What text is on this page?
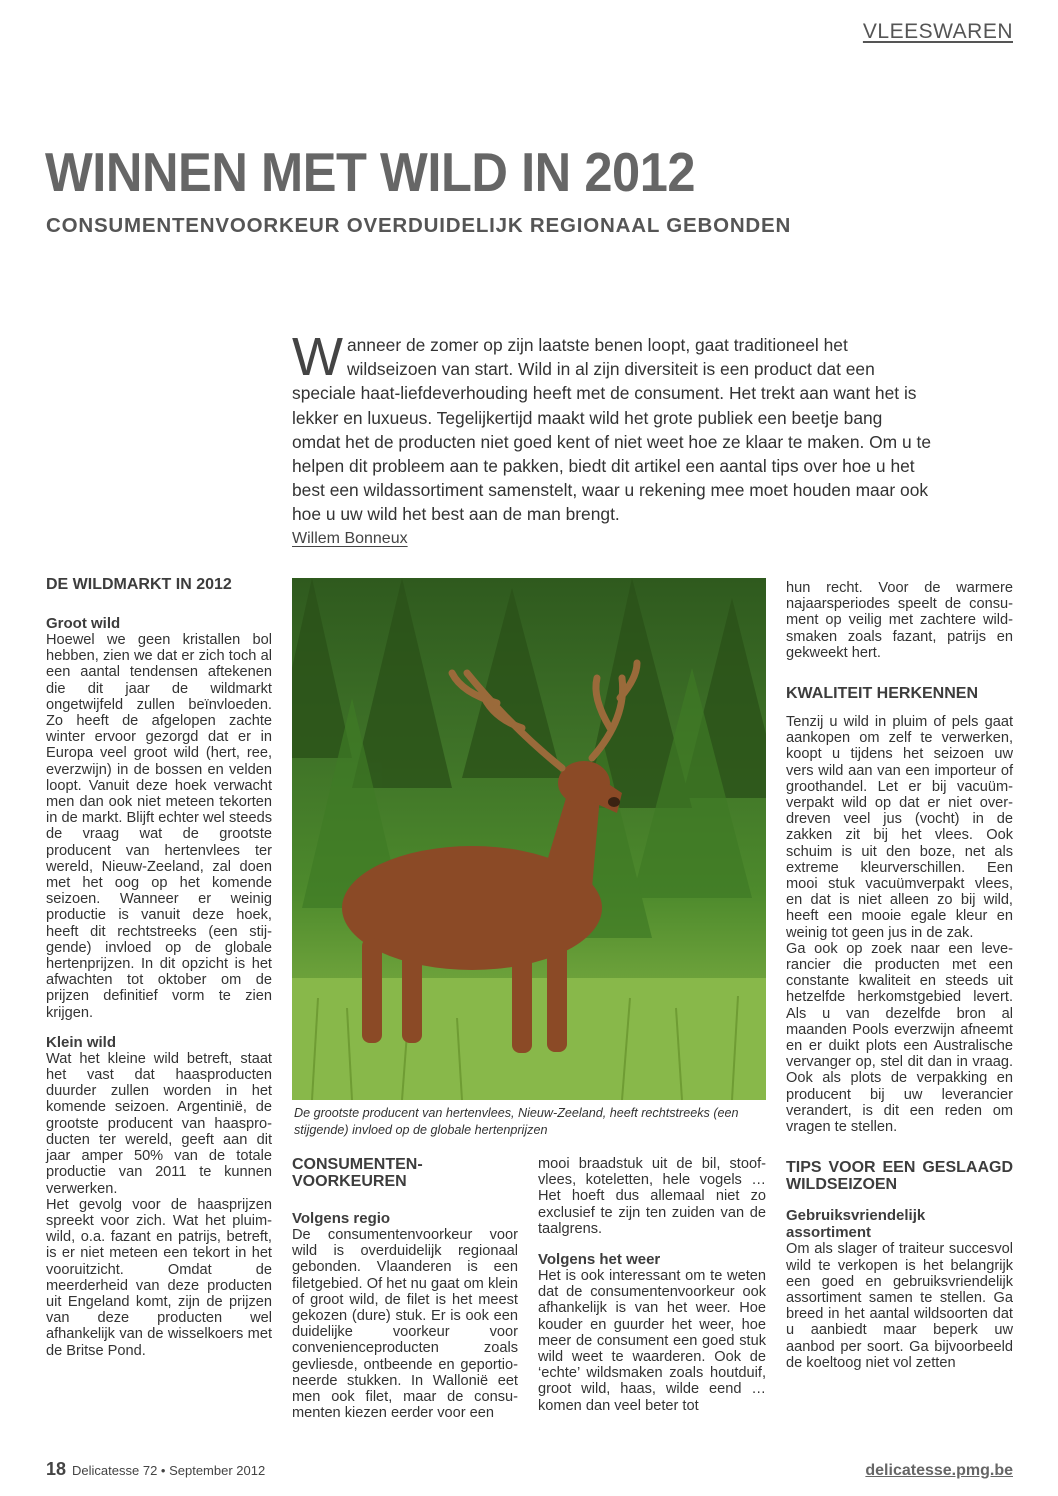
VLEESWAREN
WINNEN MET WILD IN 2012
CONSUMENTENVOORKEUR OVERDUIDELIJK REGIONAAL GEBONDEN

Wanneer de zomer op zijn laatste benen loopt, gaat traditioneel het wildseizoen van start. Wild in al zijn diversiteit is een product dat een speciale haat-liefdeverhouding heeft met de consument. Het trekt aan want het is lekker en luxueus. Tegelijkertijd maakt wild het grote publiek een beetje bang omdat het de producten niet goed kent of niet weet hoe ze klaar te maken. Om u te helpen dit probleem aan te pakken, biedt dit artikel een aantal tips over hoe u het best een wildassortiment samenstelt, waar u rekening mee moet houden maar ook hoe u uw wild het best aan de man brengt.

Willem Bonneux
DE WILDMARKT IN 2012
Groot wild

Hoewel we geen kristallen bol hebben, zien we dat er zich toch al een aantal tendensen aftekenen die dit jaar de wildmarkt ongetwijfeld zullen beïnvloeden. Zo heeft de afgelopen zachte winter ervoor gezorgd dat er in Europa veel groot wild (hert, ree, everzwijn) in de bossen en velden loopt. Vanuit deze hoek verwacht men dan ook niet meteen tekorten in de markt. Blijft echter wel steeds de vraag wat de grootste producent van hertenvlees ter wereld, Nieuw-Zeeland, zal doen met het oog op het komende seizoen. Wanneer er weinig productie is vanuit deze hoek, heeft dit rechtstreeks (een stijgende) invloed op de globale hertenprijzen. In dit opzicht is het afwachten tot oktober om de prijzen definitief vorm te zien krijgen.

Klein wild

Wat het kleine wild betreft, staat het vast dat haasproducten duurder zullen worden in het komende seizoen. Argentinië, de grootste producent van haasproducten ter wereld, geeft aan dit jaar amper 50% van de totale productie van 2011 te kunnen verwerken.

Het gevolg voor de haasprijzen spreekt voor zich. Wat het pluimwild, o.a. fazant en patrijs, betreft, is er niet meteen een tekort in het vooruitzicht. Omdat de meerderheid van deze producten uit Engeland komt, zijn de prijzen van deze producten wel afhankelijk van de wisselkoers met de Britse Pond.

De grootste producent van hertenvlees, Nieuw-Zeeland, heeft rechtstreeks (een stijgende) invloed op de globale hertenprijzen

CONSUMENTENVOORKEUREN
Volgens regio

De consumentenvoorkeur voor wild is overduidelijk regionaal gebonden. Vlaanderen is een filetgebied. Of het nu gaat om klein of groot wild, de filet is het meest gekozen (dure) stuk. Er is ook een duidelijke voorkeur voor convenienceproducten zoals gevliesde, ontbeende en geportioneerde stukken. In Wallonië eet men ook filet, maar de consumenten kiezen eerder voor een

mooi braadstuk uit de bil, stoofvlees, koteletten, hele vogels … Het hoeft dus allemaal niet zo exclusief te zijn ten zuiden van de taalgrens.

Volgens het weer

Het is ook interessant om te weten dat de consumentenvoorkeur ook afhankelijk is van het weer. Hoe kouder en guurder het weer, hoe meer de consument een goed stuk wild weet te waarderen. Ook de ‘echte’ wildsmaken zoals houtduif, groot wild, haas, wilde eend … komen dan veel beter tot

hun recht. Voor de warmere najaarsperiodes speelt de consument op veilig met zachtere wildsmaken zoals fazant, patrijs en gekweekt hert.

KWALITEIT HERKENNEN

Tenzij u wild in pluim of pels gaat aankopen om zelf te verwerken, koopt u tijdens het seizoen uw vers wild aan van een importeur of groothandel. Let er bij vacuümverpakt wild op dat er niet overdreven veel jus (vocht) in de zakken zit bij het vlees. Ook schuim is uit den boze, net als extreme kleurverschillen. Een mooi stuk vacuümverpakt vlees, en dat is niet alleen zo bij wild, heeft een mooie egale kleur en weinig tot geen jus in de zak.

Ga ook op zoek naar een leverancier die producten met een constante kwaliteit en steeds uit hetzelfde herkomstgebied levert. Als u van dezelfde bron al maanden Pools everzwijn afneemt en er duikt plots een Australische vervanger op, stel dit dan in vraag. Ook als plots de verpakking en producent bij uw leverancier verandert, is dit een reden om vragen te stellen.

TIPS VOOR EEN GESLAAGD WILDSEIZOEN
Gebruiksvriendelijk assortiment

Om als slager of traiteur succesvol wild te verkopen is het belangrijk een goed en gebruiksvriendelijk assortiment samen te stellen. Ga breed in het aantal wildsoorten dat u aanbiedt maar beperk uw aanbod per soort. Ga bijvoorbeeld de koeltoog niet vol zetten

18 Delicatesse 72 • September 2012	delicatesse.pmg.be
